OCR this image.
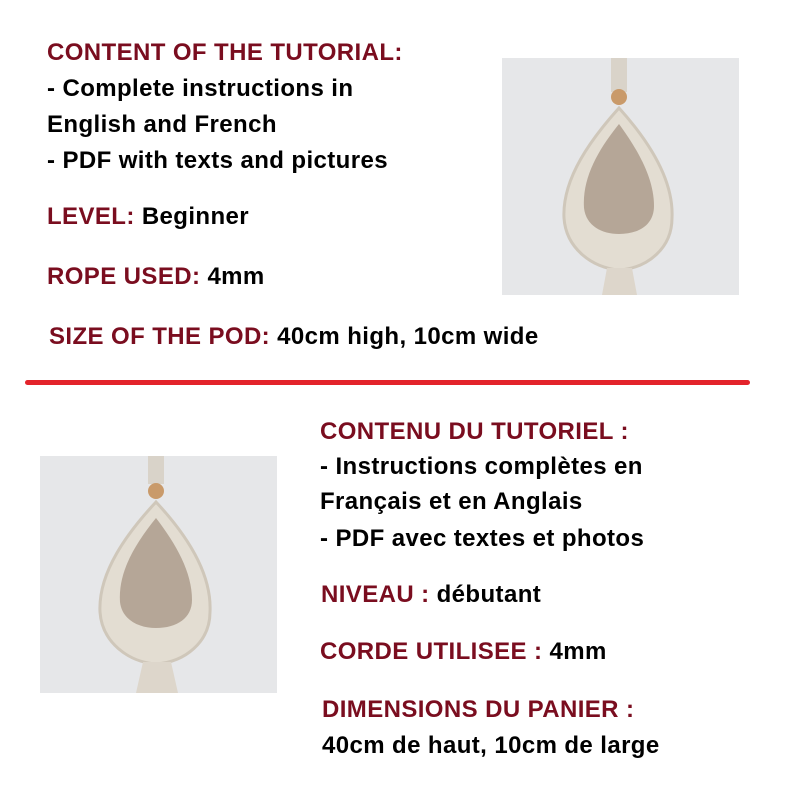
CONTENT OF THE TUTORIAL:
- Complete instructions in
English and French
- PDF with texts and pictures
LEVEL: Beginner
ROPE USED: 4mm
SIZE OF THE POD: 40cm high, 10cm wide
CONTENU DU TUTORIEL :
- Instructions complètes en
Français et en Anglais
- PDF avec textes et photos
NIVEAU : débutant
CORDE UTILISEE : 4mm
DIMENSIONS DU PANIER :
40cm de haut, 10cm de large
